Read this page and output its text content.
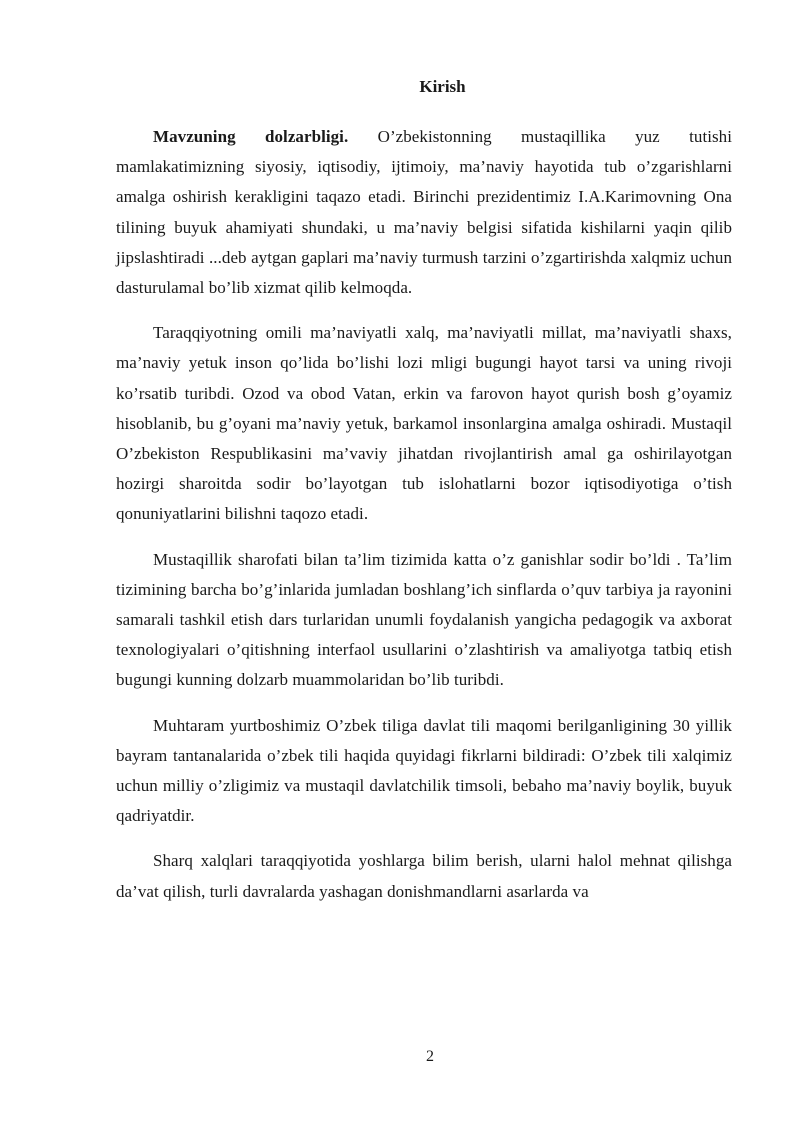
Kirish

Mavzuning dolzarbligi. O’zbekistonning mustaqillika yuz tutishi mamlakatimizning siyosiy, iqtisodiy, ijtimoiy, ma’naviy hayotida tub o’zgarishlarni amalga oshirish kerakligini taqazo etadi. Birinchi prezidentimiz I.A.Karimovning Ona tilining buyuk ahamiyati shundaki, u ma’naviy belgisi sifatida kishilarni yaqin qilib jipslashtiradi ...deb aytgan gaplari ma’naviy turmush tarzini o’zgartirishda xalqmiz uchun dasturulamal bo’lib xizmat qilib kelmoqda.

Taraqqiyotning omili ma’naviyatli xalq, ma’naviyatli millat, ma’naviyatli shaxs, ma’naviy yetuk inson qo’lida bo’lishi lozi mligi bugungi hayot tarsi va uning rivoji ko’rsatib turibdi. Ozod va obod Vatan, erkin va farovon hayot qurish bosh g’oyamiz hisoblanib, bu g’oyani ma’naviy yetuk, barkamol insonlargina amalga oshiradi. Mustaqil O’zbekiston Respublikasini ma’vaviy jihatdan rivojlantirish amal ga oshirilayotgan hozirgi sharoitda sodir bo’layotgan tub islohatlarni bozor iqtisodiyotiga o’tish qonuniyatlarini bilishni taqozo etadi.

Mustaqillik sharofati bilan ta’lim tizimida katta o’z ganishlar sodir bo’ldi . Ta’lim tizimining barcha bo’g’inlarida jumladan boshlang’ich sinflarda o’quv tarbiya ja rayonini samarali tashkil etish dars turlaridan unumli foydalanish yangicha pedagogik va axborat texnologiyalari o’qitishning interfaol usullarini o’zlashtirish va amaliyotga tatbiq etish bugungi kunning dolzarb muammolaridan bo’lib turibdi.

Muhtaram yurtboshimiz O’zbek tiliga davlat tili maqomi berilganligining 30 yillik bayram tantanalarida o’zbek tili haqida quyidagi fikrlarni bildiradi: O’zbek tili xalqimiz uchun milliy o’zligimiz va mustaqil davlatchilik timsoli, bebaho ma’naviy boylik, buyuk qadriyatdir.

Sharq xalqlari taraqqiyotida yoshlarga bilim berish, ularni halol mehnat qilishga da’vat qilish, turli davralarda yashagan donishmandlarni asarlarda va

2
